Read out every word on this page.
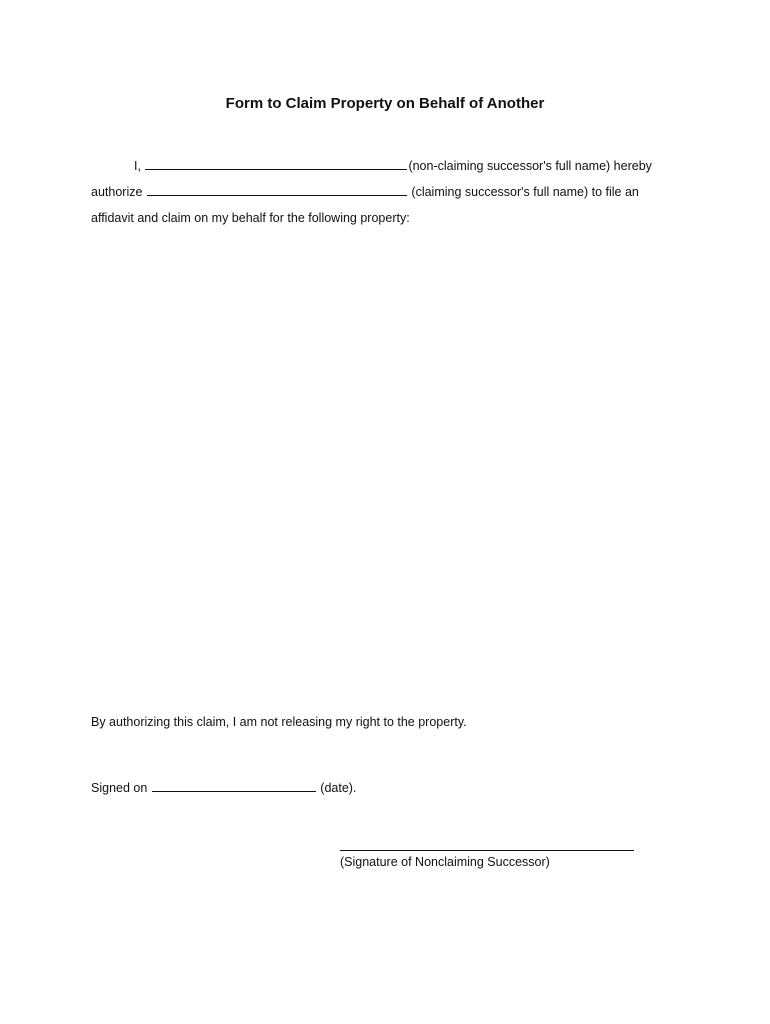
Form to Claim Property on Behalf of Another
I,	(non-claiming successor's full name) hereby
authorize	(claiming successor's full name) to file an
affidavit and claim on my behalf for the following property:
By authorizing this claim, I am not releasing my right to the property.
Signed on	(date).
(Signature of Nonclaiming Successor)
